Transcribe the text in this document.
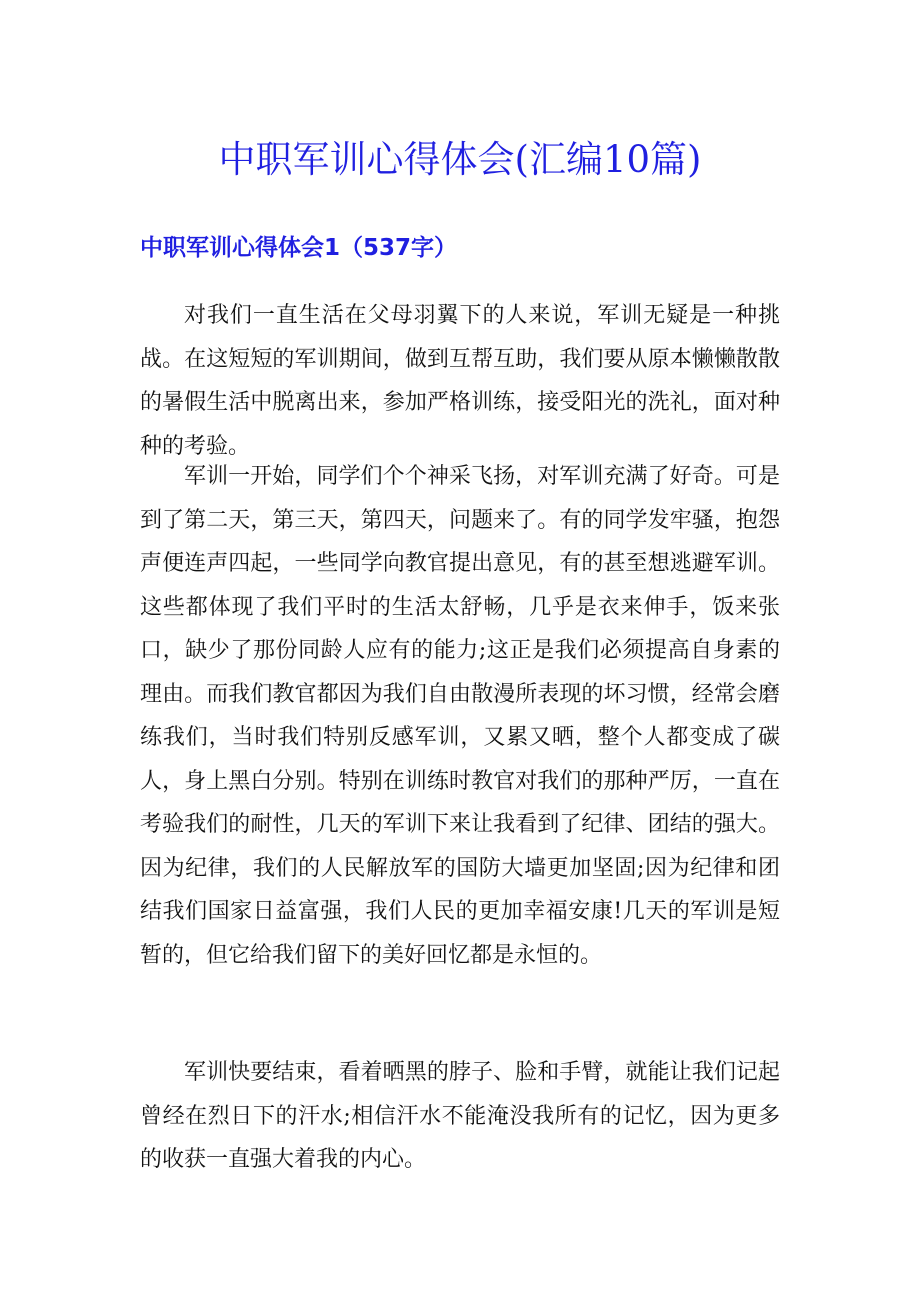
中职军训心得体会(汇编10篇)
中职军训心得体会1（537字）

对我们一直生活在父母羽翼下的人来说，军训无疑是一种挑战。在这短短的军训期间，做到互帮互助，我们要从原本懒懒散散的暑假生活中脱离出来，参加严格训练，接受阳光的洗礼，面对种种的考验。

军训一开始，同学们个个神采飞扬，对军训充满了好奇。可是到了第二天，第三天，第四天，问题来了。有的同学发牢骚，抱怨声便连声四起，一些同学向教官提出意见，有的甚至想逃避军训。这些都体现了我们平时的生活太舒畅，几乎是衣来伸手，饭来张口，缺少了那份同龄人应有的能力;这正是我们必须提高自身素的理由。而我们教官都因为我们自由散漫所表现的坏习惯，经常会磨练我们，当时我们特别反感军训，又累又晒，整个人都变成了碳人，身上黑白分别。特别在训练时教官对我们的那种严厉，一直在考验我们的耐性，几天的军训下来让我看到了纪律、团结的强大。因为纪律，我们的人民解放军的国防大墙更加坚固;因为纪律和团结我们国家日益富强，我们人民的更加幸福安康!几天的军训是短暂的，但它给我们留下的美好回忆都是永恒的。

军训快要结束，看着晒黑的脖子、脸和手臂，就能让我们记起曾经在烈日下的汗水;相信汗水不能淹没我所有的记忆，因为更多的收获一直强大着我的内心。
